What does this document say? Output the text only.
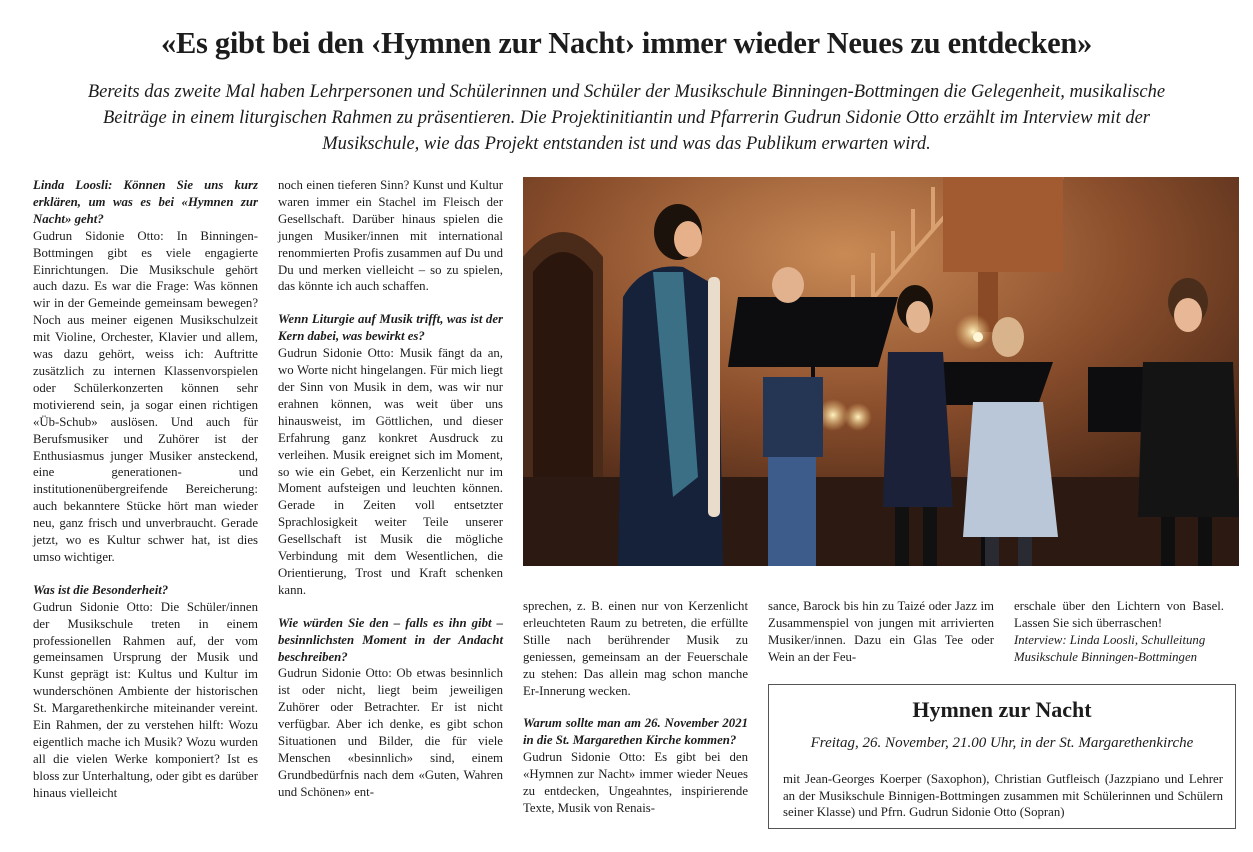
«Es gibt bei den ‹Hymnen zur Nacht› immer wieder Neues zu entdecken»

Bereits das zweite Mal haben Lehrpersonen und Schülerinnen und Schüler der Musikschule Binningen-Bottmingen die Gelegenheit, musikalische Beiträge in einem liturgischen Rahmen zu präsentieren. Die Projektinitiantin und Pfarrerin Gudrun Sidonie Otto erzählt im Interview mit der Musikschule, wie das Projekt entstanden ist und was das Publikum erwarten wird.

Linda Loosli: Können Sie uns kurz erklären, um was es bei «Hymnen zur Nacht» geht?

Gudrun Sidonie Otto: In Binningen-Bottmingen gibt es viele engagierte Einrichtungen. Die Musikschule gehört auch dazu. Es war die Frage: Was können wir in der Gemeinde gemeinsam bewegen? Noch aus meiner eigenen Musikschulzeit mit Violine, Orchester, Klavier und allem, was dazu gehört, weiss ich: Auftritte zusätzlich zu internen Klassenvorspielen oder Schülerkonzerten können sehr motivierend sein, ja sogar einen richtigen «Üb-Schub» auslösen. Und auch für Berufsmusiker und Zuhörer ist der Enthusiasmus junger Musiker ansteckend, eine generationen- und institutionenübergreifende Bereicherung: auch bekanntere Stücke hört man wieder neu, ganz frisch und unverbraucht. Gerade jetzt, wo es Kultur schwer hat, ist dies umso wichtiger.

Was ist die Besonderheit?

Gudrun Sidonie Otto: Die Schüler/innen der Musikschule treten in einem professionellen Rahmen auf, der vom gemeinsamen Ursprung der Musik und Kunst geprägt ist: Kultus und Kultur im wunderschönen Ambiente der historischen St. Margarethenkirche miteinander vereint. Ein Rahmen, der zu verstehen hilft: Wozu eigentlich mache ich Musik? Wozu wurden all die vielen Werke komponiert? Ist es bloss zur Unterhaltung, oder gibt es darüber hinaus vielleicht

noch einen tieferen Sinn? Kunst und Kultur waren immer ein Stachel im Fleisch der Gesellschaft. Darüber hinaus spielen die jungen Musiker/innen mit international renommierten Profis zusammen auf Du und Du und merken vielleicht – so zu spielen, das könnte ich auch schaffen.

Wenn Liturgie auf Musik trifft, was ist der Kern dabei, was bewirkt es?

Gudrun Sidonie Otto: Musik fängt da an, wo Worte nicht hingelangen. Für mich liegt der Sinn von Musik in dem, was wir nur erahnen können, was weit über uns hinausweist, im Göttlichen, und dieser Erfahrung ganz konkret Ausdruck zu verleihen. Musik ereignet sich im Moment, so wie ein Gebet, ein Kerzenlicht nur im Moment aufsteigen und leuchten können. Gerade in Zeiten voll entsetzter Sprachlosigkeit weiter Teile unserer Gesellschaft ist Musik die mögliche Verbindung mit dem Wesentlichen, die Orientierung, Trost und Kraft schenken kann.

Wie würden Sie den – falls es ihn gibt – besinnlichsten Moment in der Andacht beschreiben?

Gudrun Sidonie Otto: Ob etwas besinnlich ist oder nicht, liegt beim jeweiligen Zuhörer oder Betrachter. Er ist nicht verfügbar. Aber ich denke, es gibt schon Situationen und Bilder, die für viele Menschen «besinnlich» sind, einem Grundbedürfnis nach dem «Guten, Wahren und Schönen» ent-

sprechen, z. B. einen nur von Kerzenlicht erleuchteten Raum zu betreten, die erfüllte Stille nach berührender Musik zu geniessen, gemeinsam an der Feuerschale zu stehen: Das allein mag schon manche Er-Innerung wecken.

Warum sollte man am 26. November 2021 in die St. Margarethen Kirche kommen?

Gudrun Sidonie Otto: Es gibt bei den «Hymnen zur Nacht» immer wieder Neues zu entdecken, Ungeahntes, inspirierende Texte, Musik von Renais-

sance, Barock bis hin zu Taizé oder Jazz im Zusammenspiel von jungen mit arrivierten Musiker/innen. Dazu ein Glas Tee oder Wein an der Feu-

erschale über den Lichtern von Basel. Lassen Sie sich überraschen!

Interview: Linda Loosli, Schulleitung Musikschule Binningen-Bottmingen

Hymnen zur Nacht

Freitag, 26. November, 21.00 Uhr, in der St. Margarethenkirche

mit Jean-Georges Koerper (Saxophon), Christian Gutfleisch (Jazzpiano und Lehrer an der Musikschule Binnigen-Bottmingen zusammen mit Schülerinnen und Schülern seiner Klasse) und Pfrn. Gudrun Sidonie Otto (Sopran)
